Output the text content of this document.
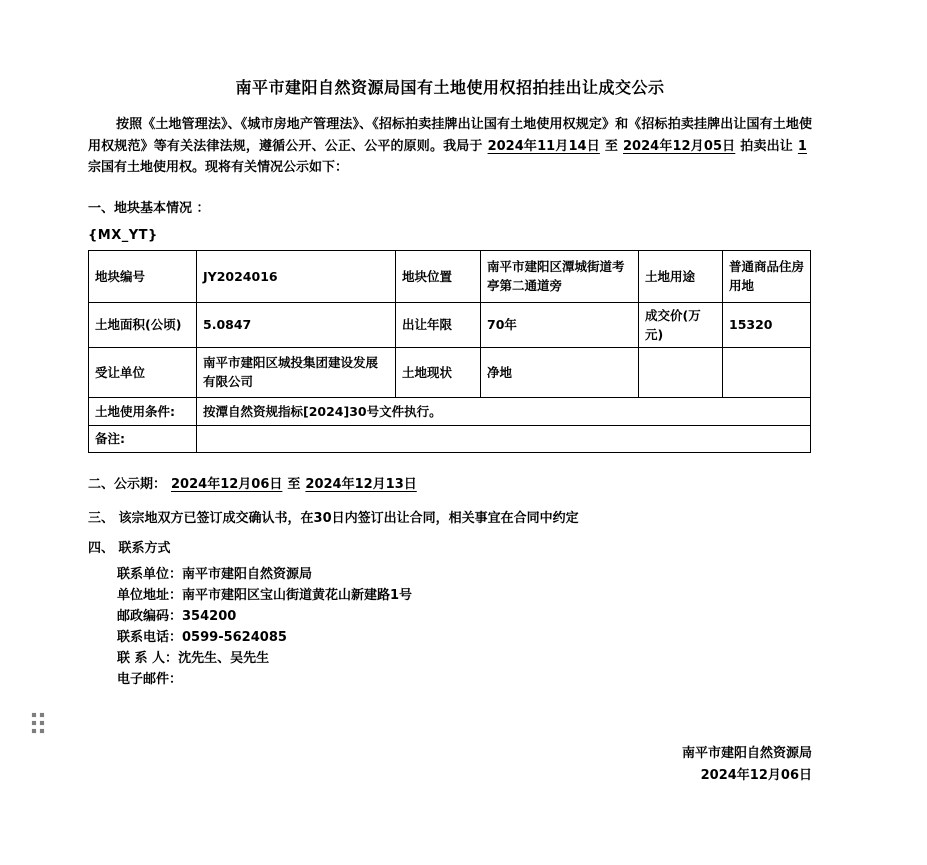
南平市建阳自然资源局国有土地使用权招拍挂出让成交公示

按照《土地管理法》、《城市房地产管理法》、《招标拍卖挂牌出让国有土地使用权规定》和《招标拍卖挂牌出让国有土地使用权规范》等有关法律法规，遵循公开、公正、公平的原则。我局于 2024年11月14日 至 2024年12月05日 拍卖出让 1宗国有土地使用权。现将有关情况公示如下：

一、地块基本情况 ：
{MX_YT}
地块编号	JY2024016	地块位置	南平市建阳区潭城街道考亭第二通道旁	土地用途	普通商品住房用地
土地面积(公顷)	5.0847	出让年限	70年	成交价(万元)	15320
受让单位	南平市建阳区城投集团建设发展有限公司	土地现状	净地		
土地使用条件:	按潭自然资规指标[2024]30号文件执行。				
备注:					
二、公示期： 2024年12月06日 至 2024年12月13日
三、 该宗地双方已签订成交确认书，在30日内签订出让合同，相关事宜在合同中约定
四、 联系方式
联系单位：南平市建阳自然资源局
单位地址：南平市建阳区宝山街道黄花山新建路1号
邮政编码：354200
联系电话：0599-5624085
联 系 人：沈先生、吴先生
电子邮件：
南平市建阳自然资源局
2024年12月06日
